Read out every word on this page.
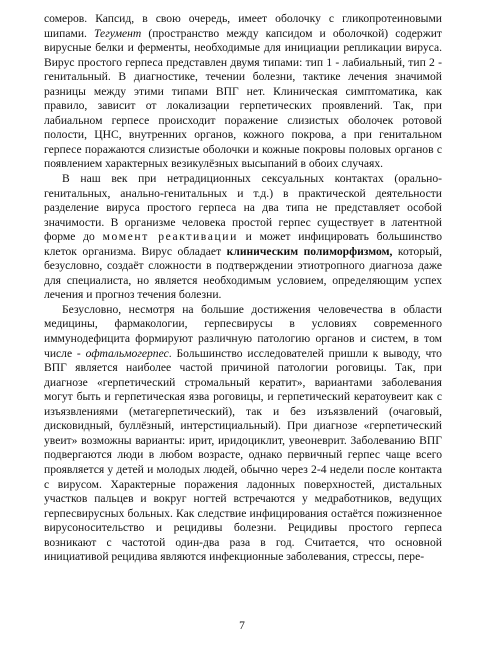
сомеров. Капсид, в свою очередь, имеет оболочку с гликопротеиновыми шипами. Тегумент (пространство между капсидом и оболочкой) содержит вирусные белки и ферменты, необходимые для инициации репликации вируса. Вирус простого герпеса представлен двумя типами: тип 1 - лабиальный, тип 2 - генитальный. В диагностике, течении болезни, тактике лечения значимой разницы между этими типами ВПГ нет. Клиническая симптоматика, как правило, зависит от локализации герпетических проявлений. Так, при лабиальном герпесе происходит поражение слизистых оболочек ротовой полости, ЦНС, внутренних органов, кожного покрова, а при генитальном герпесе поражаются слизистые оболочки и кожные покровы половых органов с появлением характерных везикулёзных высыпаний в обоих случаях.

В наш век при нетрадиционных сексуальных контактах (орально-генитальных, анально-генитальных и т.д.) в практической деятельности разделение вируса простого герпеса на два типа не представляет особой значимости. В организме человека простой герпес существует в латентной форме до момент реактивации и может инфицировать большинство клеток организма. Вирус обладает клиническим полиморфизмом, который, безусловно, создаёт сложности в подтверждении этиотропного диагноза даже для специалиста, но является необходимым условием, определяющим успех лечения и прогноз течения болезни.

Безусловно, несмотря на большие достижения человечества в области медицины, фармакологии, герпесвирусы в условиях современного иммунодефицита формируют различную патологию органов и систем, в том числе - офтальмогерпес. Большинство исследователей пришли к выводу, что ВПГ является наиболее частой причиной патологии роговицы. Так, при диагнозе «герпетический стромальный кератит», вариантами заболевания могут быть и герпетическая язва роговицы, и герпетический кератоувеит как с изъязвлениями (метагерпетический), так и без изъязвлений (очаговый, дисковидный, буллёзный, интерстициальный). При диагнозе «герпетический увеит» возможны варианты: ирит, иридоциклит, увеоневрит. Заболеванию ВПГ подвергаются люди в любом возрасте, однако первичный герпес чаще всего проявляется у детей и молодых людей, обычно через 2-4 недели после контакта с вирусом. Характерные поражения ладонных поверхностей, дистальных участков пальцев и вокруг ногтей встречаются у медработников, ведущих герпесвирусных больных. Как следствие инфицирования остаётся пожизненное вирусоносительство и рецидивы болезни. Рецидивы простого герпеса возникают с частотой один-два раза в год. Считается, что основной инициативой рецидива являются инфекционные заболевания, стрессы, пере-

7
